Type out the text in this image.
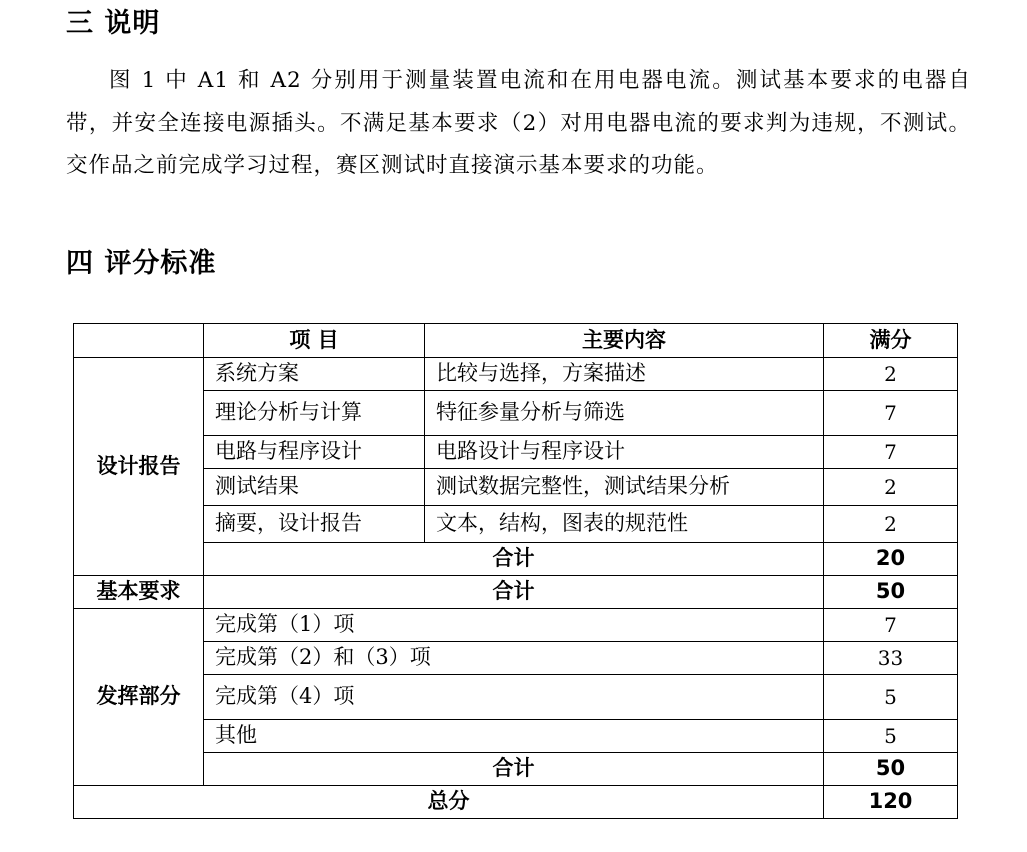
三 说明
图 1 中 A1 和 A2 分别用于测量装置电流和在用电器电流。测试基本要求的电器自带，并安全连接电源插头。不满足基本要求（2）对用电器电流的要求判为违规，不测试。交作品之前完成学习过程，赛区测试时直接演示基本要求的功能。
四 评分标准
	项 目	主要内容	满分
设计报告	系统方案	比较与选择，方案描述	2
	理论分析与计算	特征参量分析与筛选	7
	电路与程序设计	电路设计与程序设计	7
	测试结果	测试数据完整性，测试结果分析	2
	摘要，设计报告	文本，结构，图表的规范性	2
	合计		20
基本要求	合计		50
发挥部分	完成第（1）项		7
	完成第（2）和（3）项		33
	完成第（4）项		5
	其他		5
	合计		50
总分			120
